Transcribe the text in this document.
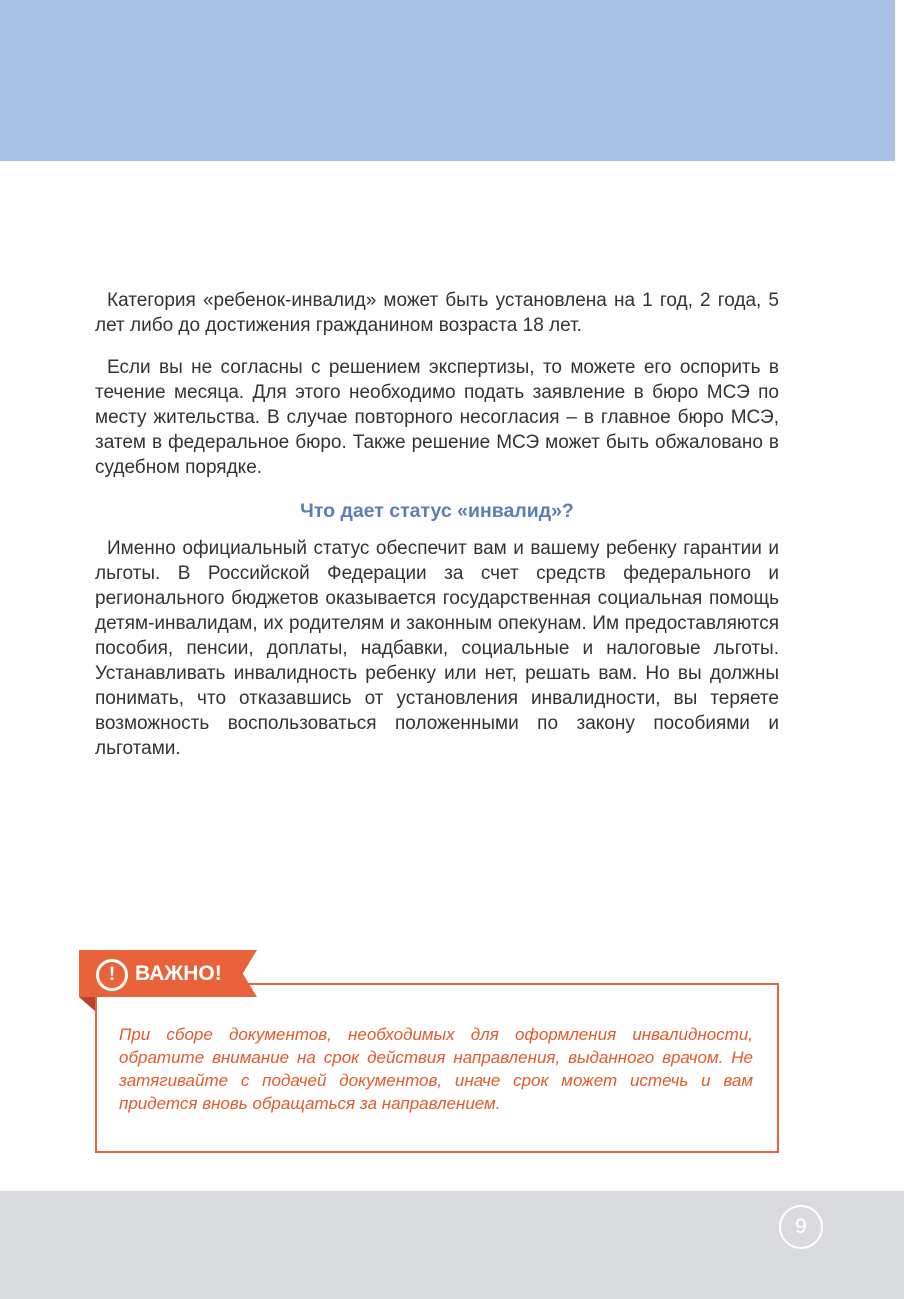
Категория «ребенок-инвалид» может быть установлена на 1 год, 2 года, 5 лет либо до достижения гражданином возраста 18 лет.

Если вы не согласны с решением экспертизы, то можете его оспорить в течение месяца. Для этого необходимо подать заявление в бюро МСЭ по месту жительства. В случае повторного несогласия – в главное бюро МСЭ, затем в федеральное бюро. Также решение МСЭ может быть обжаловано в судебном порядке.

Что дает статус «инвалид»?

Именно официальный статус обеспечит вам и вашему ребенку гарантии и льготы. В Российской Федерации за счет средств федерального и регионального бюджетов оказывается государственная социальная помощь детям-инвалидам, их родителям и законным опекунам. Им предоставляются пособия, пенсии, доплаты, надбавки, социальные и налоговые льготы. Устанавливать инвалидность ребенку или нет, решать вам. Но вы должны понимать, что отказавшись от установления инвалидности, вы теряете возможность воспользоваться положенными по закону пособиями и льготами.

! ВАЖНО!

При сборе документов, необходимых для оформления инвалидности, обратите внимание на срок действия направления, выданного врачом. Не затягивайте с подачей документов, иначе срок может истечь и вам придется вновь обращаться за направлением.

9
